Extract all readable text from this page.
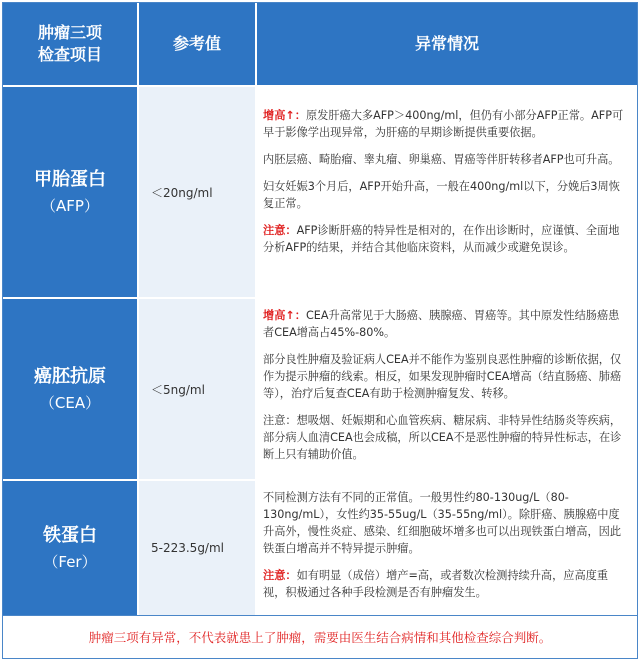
肿瘤三项
检查项目
参考值	异常情况
甲胎蛋白
（AFP）
＜20ng/ml

增高↑：原发肝癌大多AFP＞400ng/ml，但仍有小部分AFP正常。AFP可早于影像学出现异常，为肝癌的早期诊断提供重要依据。

内胚层癌、畸胎瘤、睾丸瘤、卵巢癌、胃癌等伴肝转移者AFP也可升高。

妇女妊娠3个月后，AFP开始升高，一般在400ng/ml以下，分娩后3周恢复正常。

注意：AFP诊断肝癌的特异性是相对的，在作出诊断时，应谨慎、全面地分析AFP的结果，并结合其他临床资料，从而减少或避免误诊。

癌胚抗原
（CEA）
＜5ng/ml

增高↑：CEA升高常见于大肠癌、胰腺癌、胃癌等。其中原发性结肠癌患者CEA增高占45%-80%。

部分良性肿瘤及验证病人CEA并不能作为鉴别良恶性肿瘤的诊断依据，仅作为提示肿瘤的线索。相反，如果发现肿瘤时CEA增高（结直肠癌、肺癌等），治疗后复查CEA有助于检测肿瘤复发、转移。

注意：想吸烟、妊娠期和心血管疾病、糖尿病、非特异性结肠炎等疾病，部分病人血清CEA也会成稿，所以CEA不是恶性肿瘤的特异性标志，在诊断上只有辅助价值。

铁蛋白
（Fer）
5-223.5g/ml

不同检测方法有不同的正常值。一般男性约80-130ug/L（80-130ng/mL），女性约35-55ug/L（35-55ng/ml）。除肝癌、胰腺癌中度升高外，慢性炎症、感染、红细胞破坏增多也可以出现铁蛋白增高，因此铁蛋白增高并不特异提示肿瘤。

注意：如有明显（成倍）增产=高，或者数次检测持续升高，应高度重视，积极通过各种手段检测是否有肿瘤发生。

肿瘤三项有异常，不代表就患上了肿瘤，需要由医生结合病情和其他检查综合判断。
